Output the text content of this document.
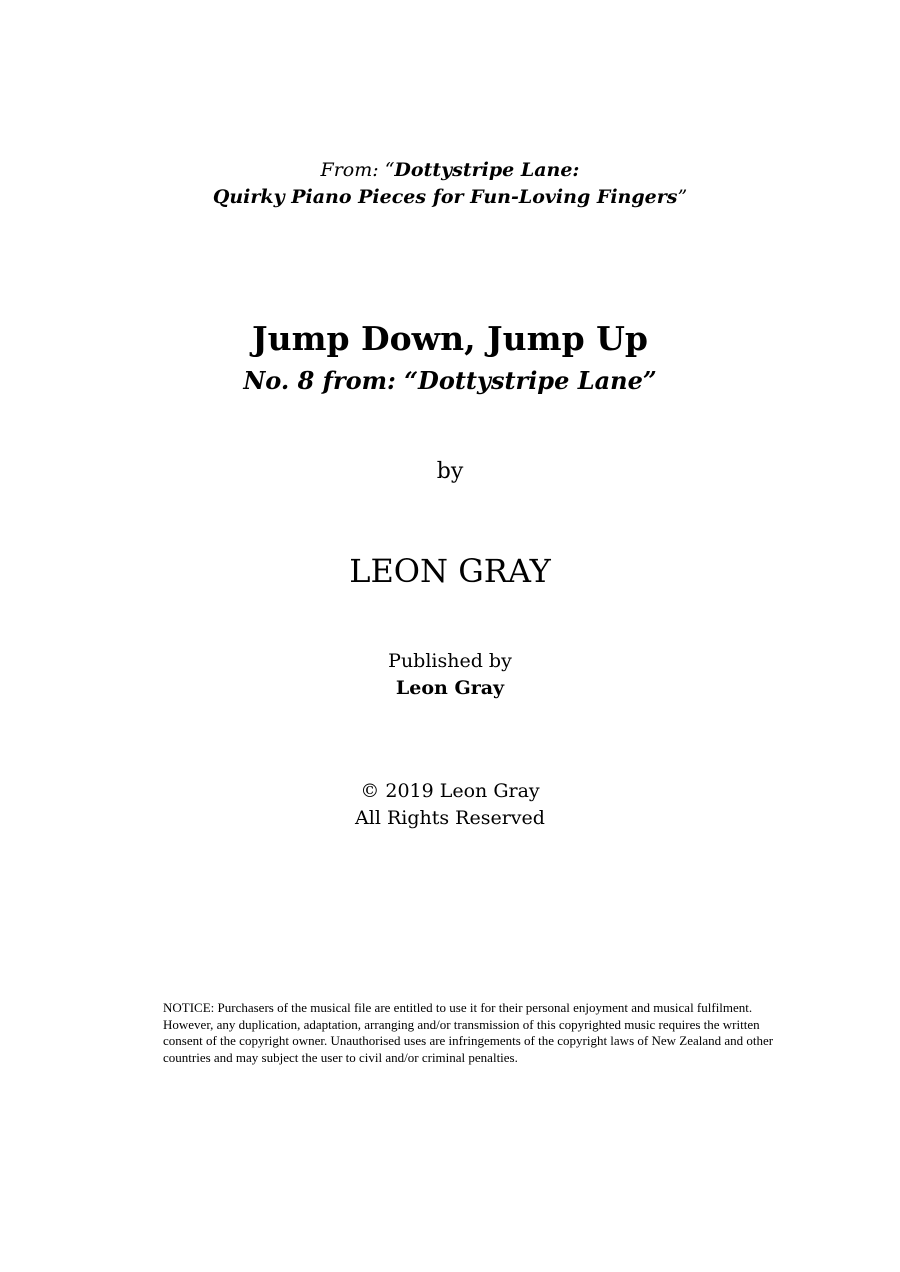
From: “Dottystripe Lane:
Quirky Piano Pieces for Fun-Loving Fingers”
Jump Down, Jump Up
No. 8 from: “Dottystripe Lane”
by
LEON GRAY
Published by
Leon Gray
© 2019 Leon Gray
All Rights Reserved
NOTICE: Purchasers of the musical file are entitled to use it for their personal enjoyment and musical fulfilment. However, any duplication, adaptation, arranging and/or transmission of this copyrighted music requires the written consent of the copyright owner. Unauthorised uses are infringements of the copyright laws of New Zealand and other countries and may subject the user to civil and/or criminal penalties.
